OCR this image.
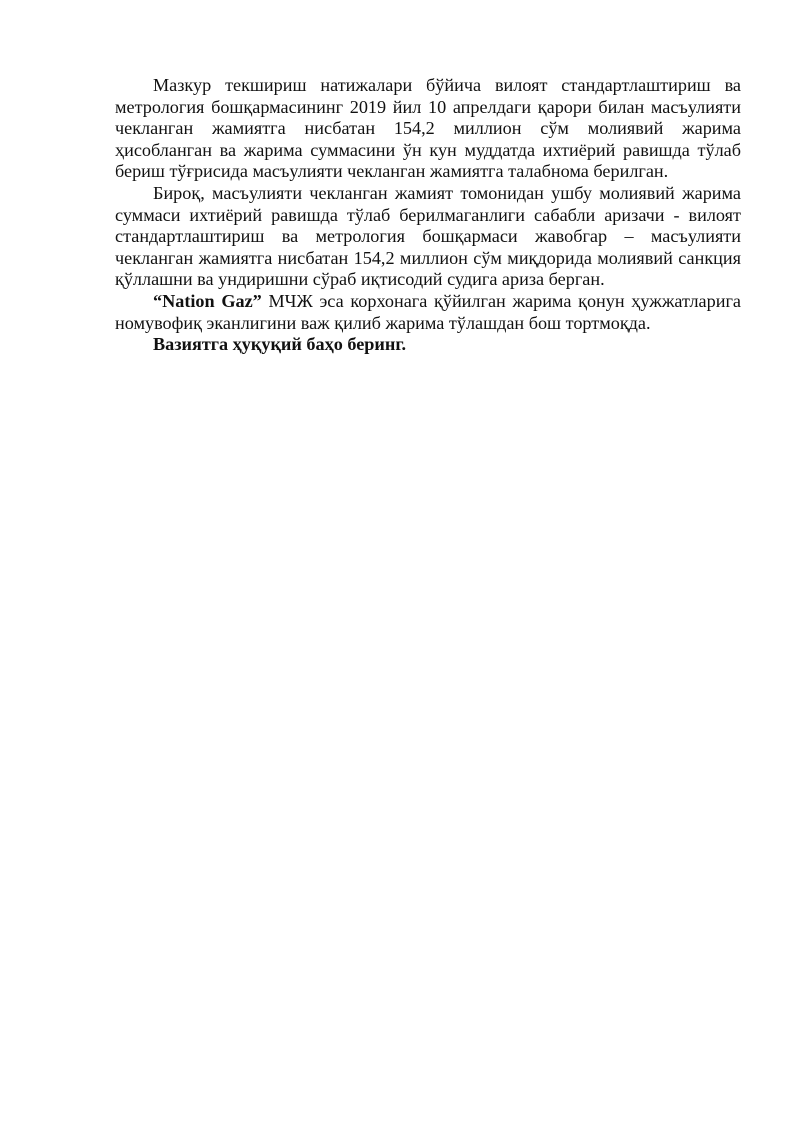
Мазкур текшириш натижалари бўйича вилоят стандартлаштириш ва метрология бошқармасининг 2019 йил 10 апрелдаги қарори билан масъулияти чекланган жамиятга нисбатан 154,2 миллион сўм молиявий жарима ҳисобланган ва жарима суммасини ўн кун муддатда ихтиёрий равишда тўлаб бериш тўғрисида масъулияти чекланган жамиятга талабнома берилган.

Бироқ, масъулияти чекланган жамият томонидан ушбу молиявий жарима суммаси ихтиёрий равишда тўлаб берилмаганлиги сабабли аризачи - вилоят стандартлаштириш ва метрология бошқармаси жавобгар – масъулияти чекланган жамиятга нисбатан 154,2 миллион сўм миқдорида молиявий санкция қўллашни ва ундиришни сўраб иқтисодий судига ариза берган.

“Nation Gaz” МЧЖ эса корхонага қўйилган жарима қонун ҳужжатларига номувофиқ эканлигини важ қилиб жарима тўлашдан бош тортмоқда.

Вазиятга ҳуқуқий баҳо беринг.
